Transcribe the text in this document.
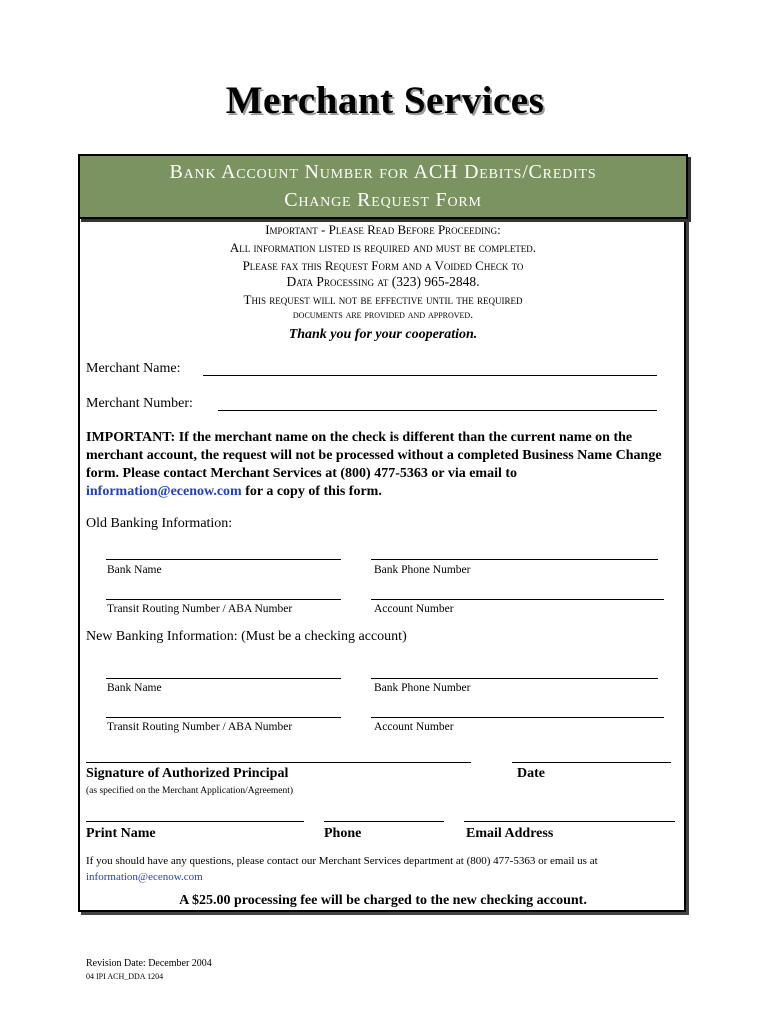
Merchant Services
Bank Account Number for ACH Debits/Credits
Change Request Form
Important - Please Read Before Proceeding:
All information listed is required and must be completed.
Please fax this Request Form and a Voided Check to
Data Processing at (323) 965-2848.
This request will not be effective until the required
documents are provided and approved.
Thank you for your cooperation.
Merchant Name:
Merchant Number:
IMPORTANT: If the merchant name on the check is different than the current name on the merchant account, the request will not be processed without a completed Business Name Change form. Please contact Merchant Services at (800) 477-5363 or via email to information@ecenow.com for a copy of this form.
Old Banking Information:
Bank Name	Bank Phone Number
Transit Routing Number / ABA Number	Account Number
New Banking Information: (Must be a checking account)
Bank Name	Bank Phone Number
Transit Routing Number / ABA Number	Account Number
Signature of Authorized Principal	Date
(as specified on the Merchant Application/Agreement)
Print Name	Phone	Email Address
If you should have any questions, please contact our Merchant Services department at (800) 477-5363 or email us at information@ecenow.com
A $25.00 processing fee will be charged to the new checking account.
Revision Date: December 2004
04 IPI ACH_DDA 1204
